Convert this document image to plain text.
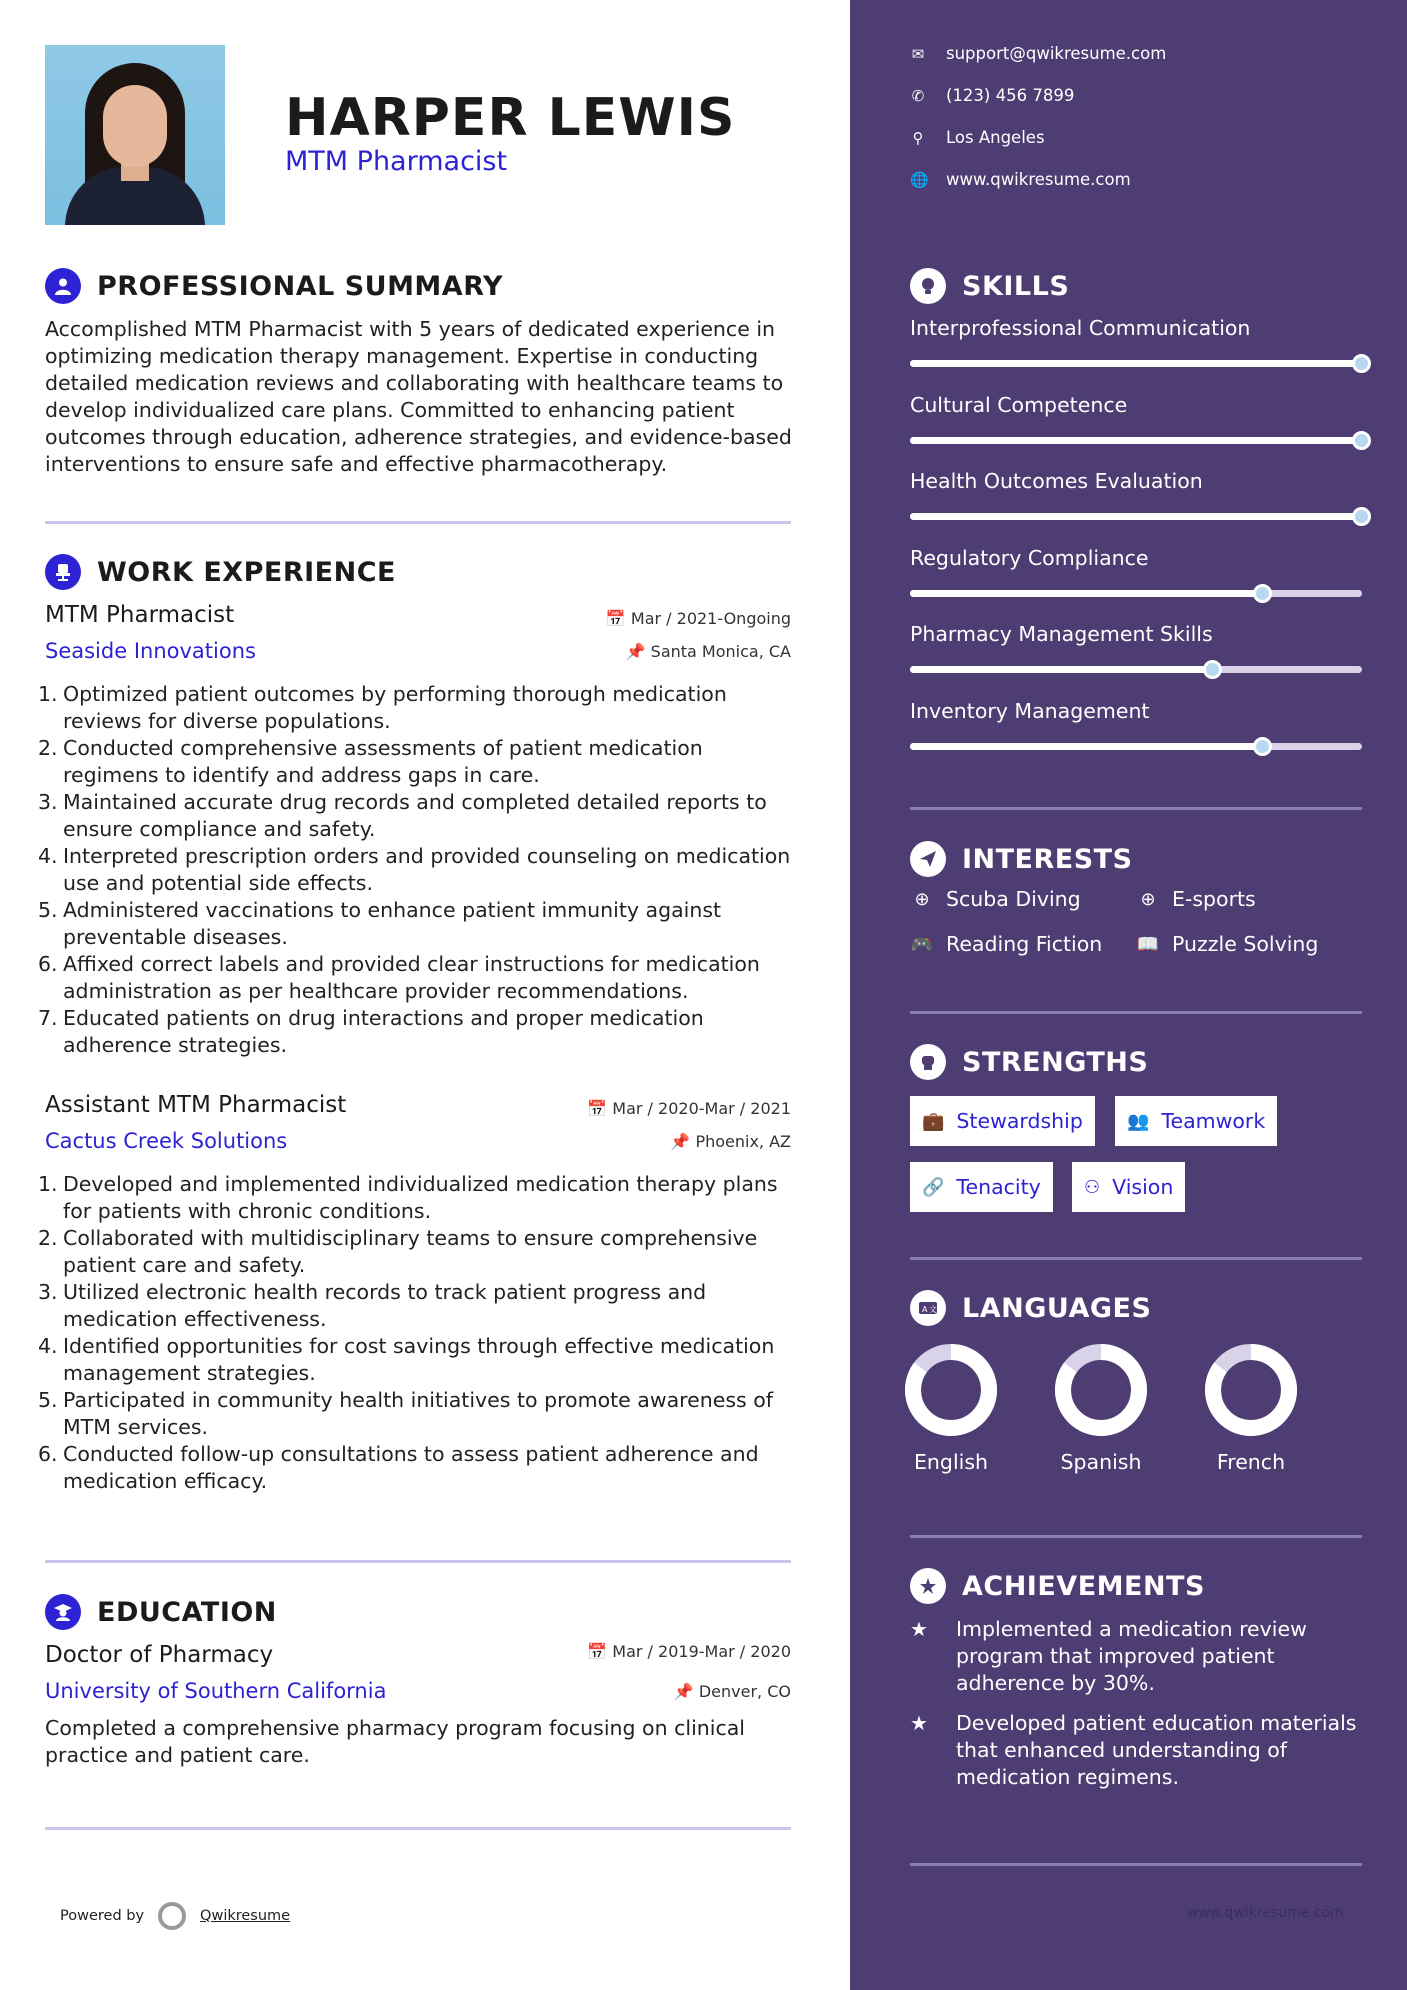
HARPER LEWIS
MTM Pharmacist
PROFESSIONAL SUMMARY
Accomplished MTM Pharmacist with 5 years of dedicated experience in optimizing medication therapy management. Expertise in conducting detailed medication reviews and collaborating with healthcare teams to develop individualized care plans. Committed to enhancing patient outcomes through education, adherence strategies, and evidence-based interventions to ensure safe and effective pharmacotherapy.
WORK EXPERIENCE
MTM Pharmacist	📅 Mar / 2021-Ongoing
Seaside Innovations	📌 Santa Monica, CA
1. Optimized patient outcomes by performing thorough medication reviews for diverse populations.
2. Conducted comprehensive assessments of patient medication regimens to identify and address gaps in care.
3. Maintained accurate drug records and completed detailed reports to ensure compliance and safety.
4. Interpreted prescription orders and provided counseling on medication use and potential side effects.
5. Administered vaccinations to enhance patient immunity against preventable diseases.
6. Affixed correct labels and provided clear instructions for medication administration as per healthcare provider recommendations.
7. Educated patients on drug interactions and proper medication adherence strategies.
Assistant MTM Pharmacist	📅 Mar / 2020-Mar / 2021
Cactus Creek Solutions	📌 Phoenix, AZ
1. Developed and implemented individualized medication therapy plans for patients with chronic conditions.
2. Collaborated with multidisciplinary teams to ensure comprehensive patient care and safety.
3. Utilized electronic health records to track patient progress and medication effectiveness.
4. Identified opportunities for cost savings through effective medication management strategies.
5. Participated in community health initiatives to promote awareness of MTM services.
6. Conducted follow-up consultations to assess patient adherence and medication efficacy.
EDUCATION
Doctor of Pharmacy	📅 Mar / 2019-Mar / 2020
University of Southern California	📌 Denver, CO
Completed a comprehensive pharmacy program focusing on clinical practice and patient care.
Powered by	Qwikresume
✉ support@qwikresume.com
✆ (123) 456 7899
⚲ Los Angeles
🌐 www.qwikresume.com
SKILLS
INTERESTS
⊕ Scuba Diving	⊕ E-sports
🎮 Reading Fiction 📖 Puzzle Solving
STRENGTHS
💼 Stewardship 👥 Teamwork
🔗 Tenacity ⚇ Vision
A 文 LANGUAGES
ACHIEVEMENTS
★	Implemented a medication review program that improved patient adherence by 30%.
★	Developed patient education materials that enhanced understanding of medication regimens.
Interprofessional Communication
Cultural Competence
Health Outcomes Evaluation
Regulatory Compliance
Pharmacy Management Skills
Inventory Management
English	Spanish	French
www.qwikresume.com
